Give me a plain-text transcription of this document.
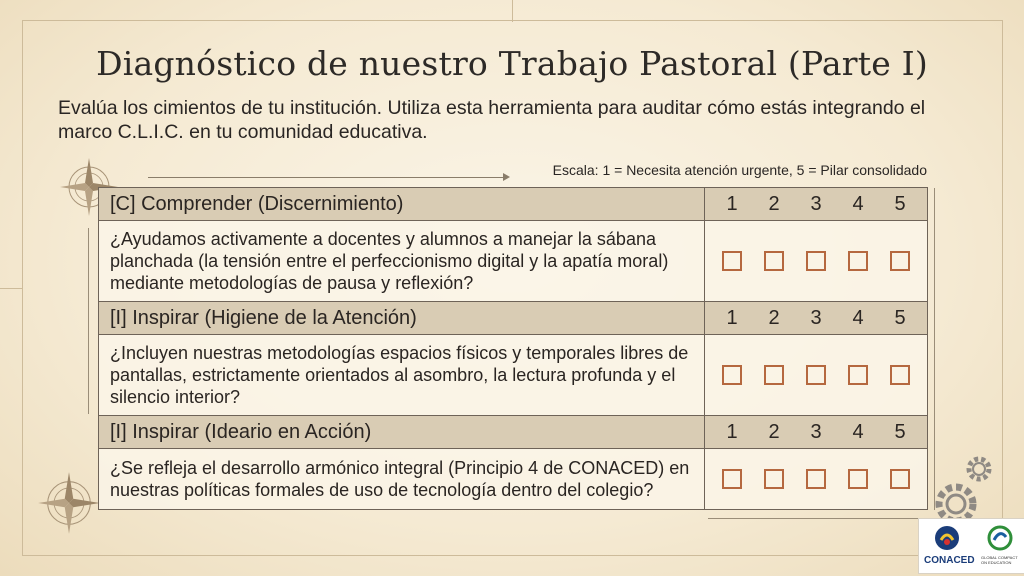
Diagnóstico de nuestro Trabajo Pastoral (Parte I)
Evalúa los cimientos de tu institución. Utiliza esta herramienta para auditar cómo estás integrando el marco C.L.I.C. en tu comunidad educativa.
Escala: 1 = Necesita atención urgente, 5 = Pilar consolidado
[C] Comprender (Discernimiento)	1	2	3	4	5
¿Ayudamos activamente a docentes y alumnos a manejar la sábana planchada (la tensión entre el perfeccionismo digital y la apatía moral) mediante metodologías de pausa y reflexión?
[I] Inspirar (Higiene de la Atención)	1	2	3	4	5
¿Incluyen nuestras metodologías espacios físicos y temporales libres de pantallas, estrictamente orientados al asombro, la lectura profunda y el silencio interior?
[I] Inspirar (Ideario en Acción)	1	2	3	4	5
¿Se refleja el desarrollo armónico integral (Principio 4 de CONACED) en nuestras políticas formales de uso de tecnología dentro del colegio?
CONACED GLOBAL COMPACT ON EDUCATION
